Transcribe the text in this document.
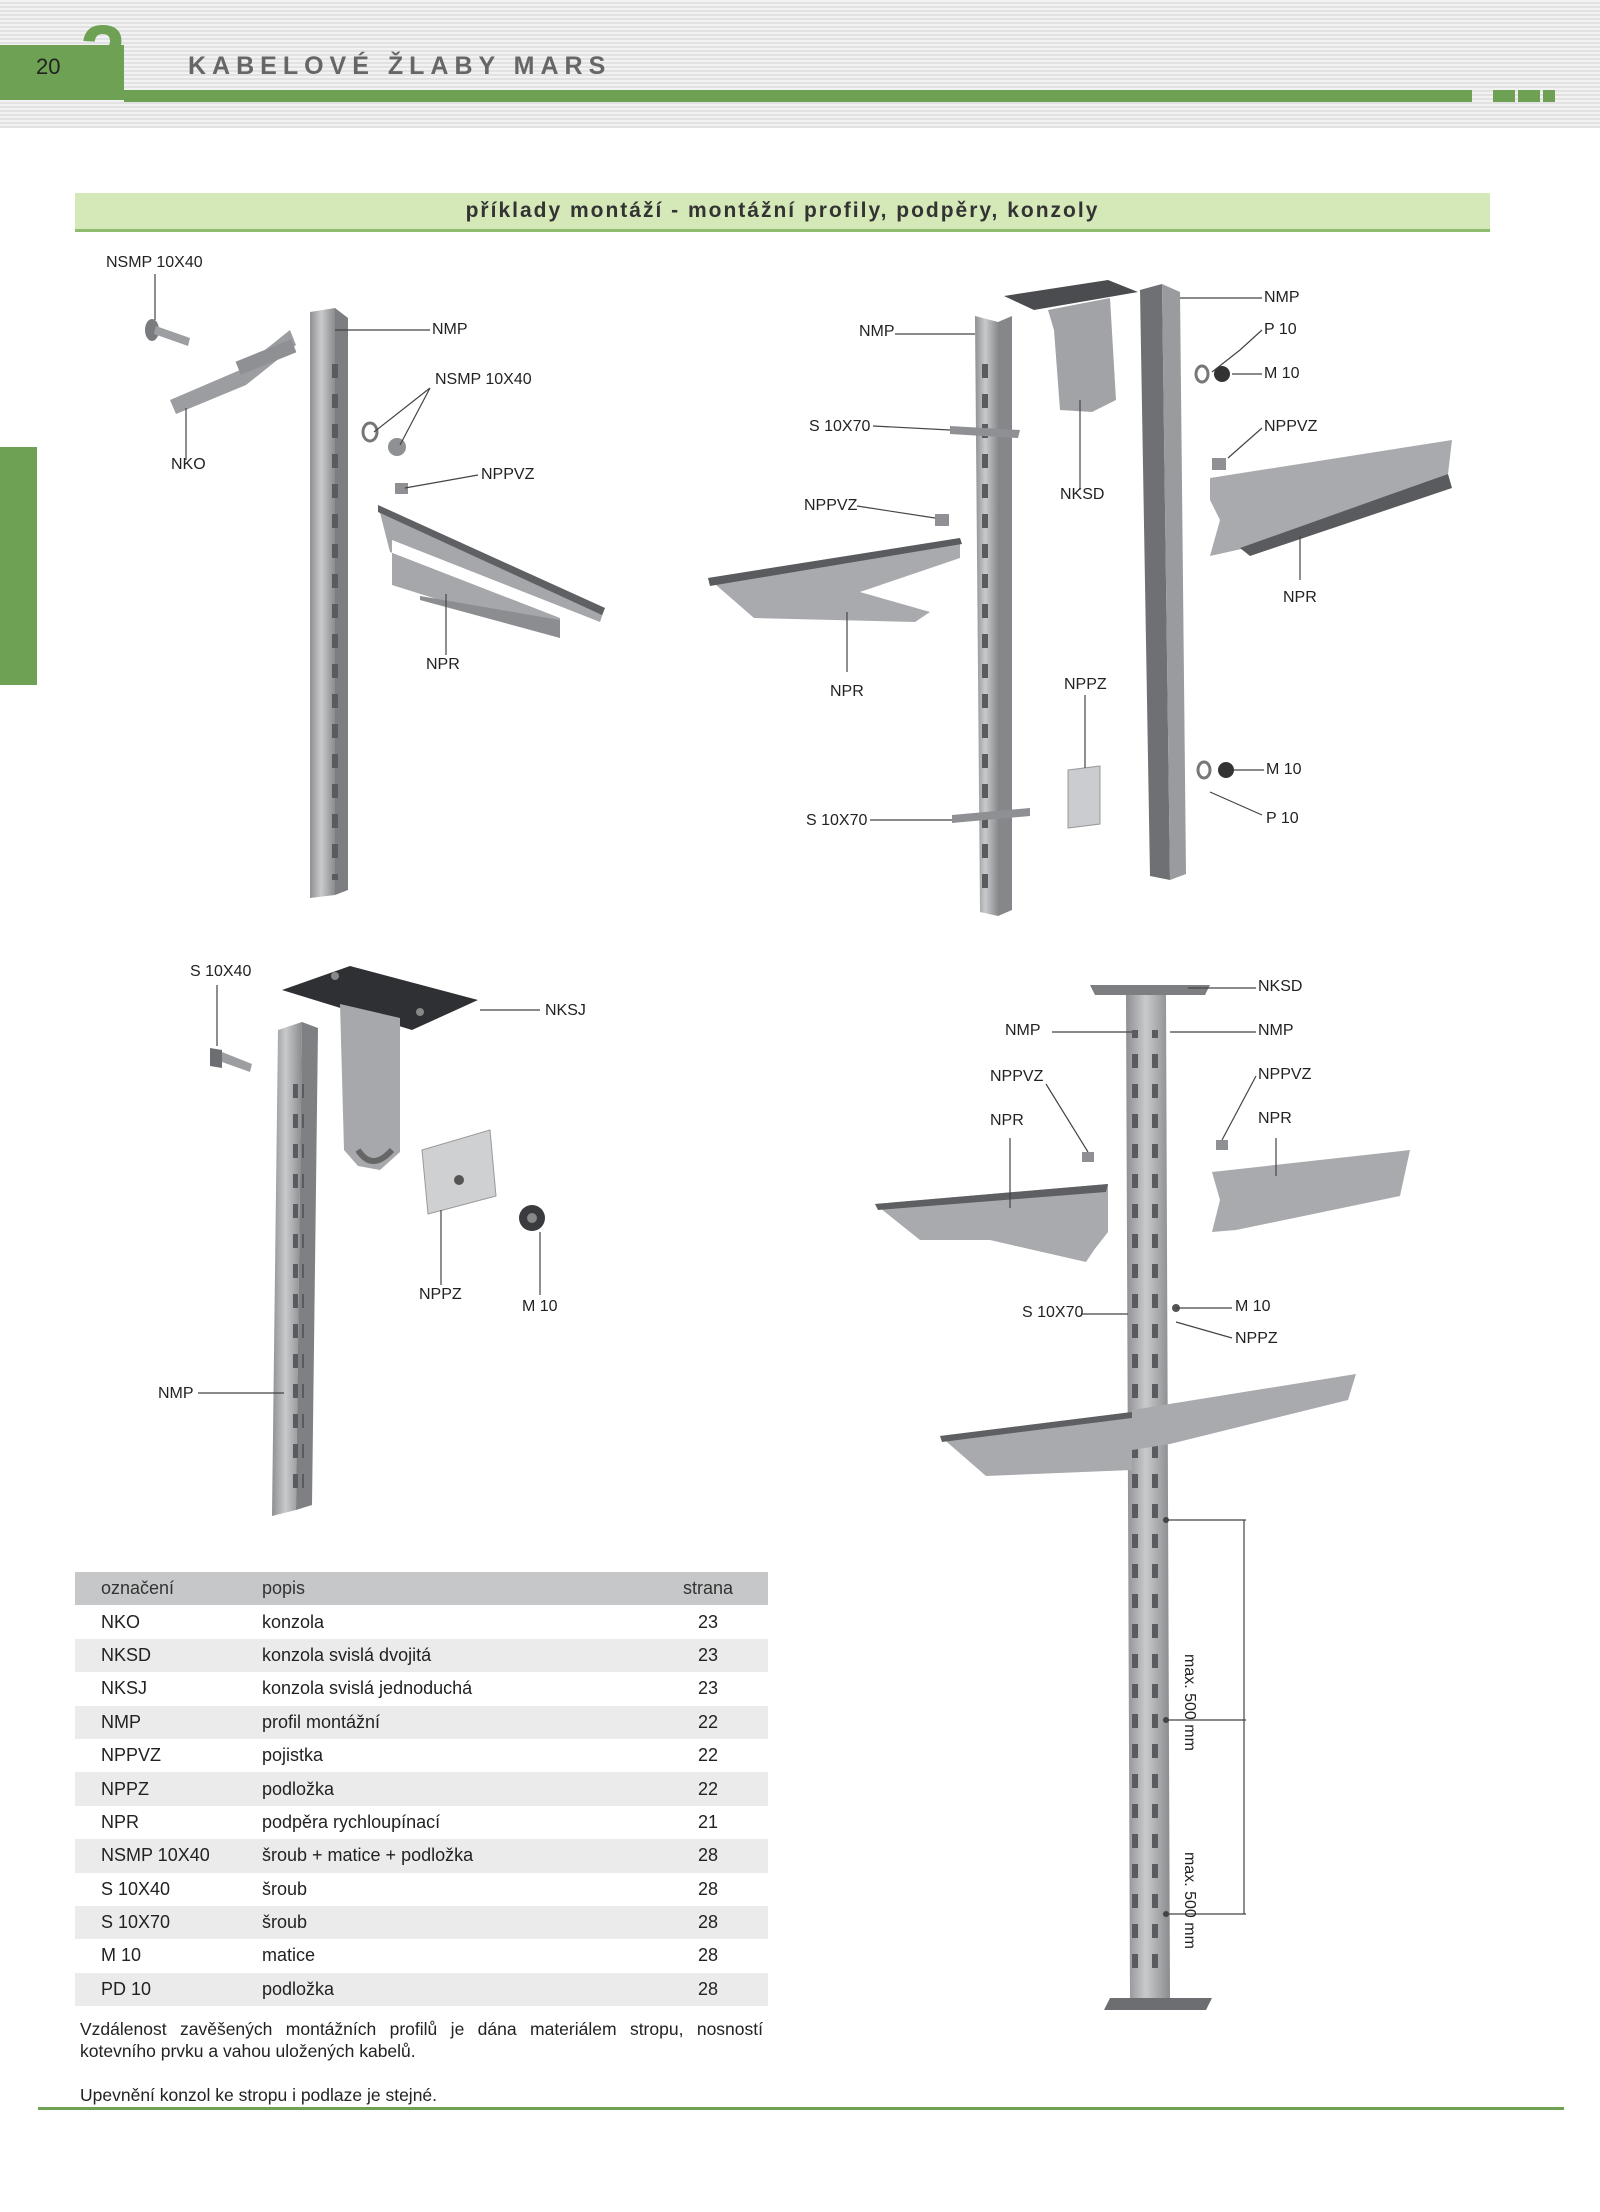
20 2 KABELOVÉ ŽLABY MARS
příklady montáží - montážní profily, podpěry, konzoly
NSMP 10X40
NMP
NSMP 10X40
NKO
NPPVZ
NPR
NMP
NMP
P 10
M 10
S 10X70	NPPVZ
NKSD
NPPVZ
NPR
NPR	NPPZ
M 10
S 10X70	P 10
S 10X40
NKSJ
NPPZ
M 10
NMP
NKSD
NMP	NMP
NPPVZ	NPPVZ
NPR	NPR
M 10
S 10X70
NPPZ
max. 500 mm
max. 500 mm
označení	popis	strana
NKO	konzola	23
NKSD	konzola svislá dvojitá	23
NKSJ	konzola svislá jednoduchá	23
NMP	profil montážní	22
NPPVZ	pojistka	22
NPPZ	podložka	22
NPR	podpěra rychloupínací	21
NSMP 10X40	šroub + matice + podložka	28
S 10X40	šroub	28
S 10X70	šroub	28
M 10	matice	28
PD 10	podložka	28
Vzdálenost zavěšených montážních profilů je dána materiálem stropu, nosností kotevního prvku a vahou uložených kabelů.
Upevnění konzol ke stropu i podlaze je stejné.
